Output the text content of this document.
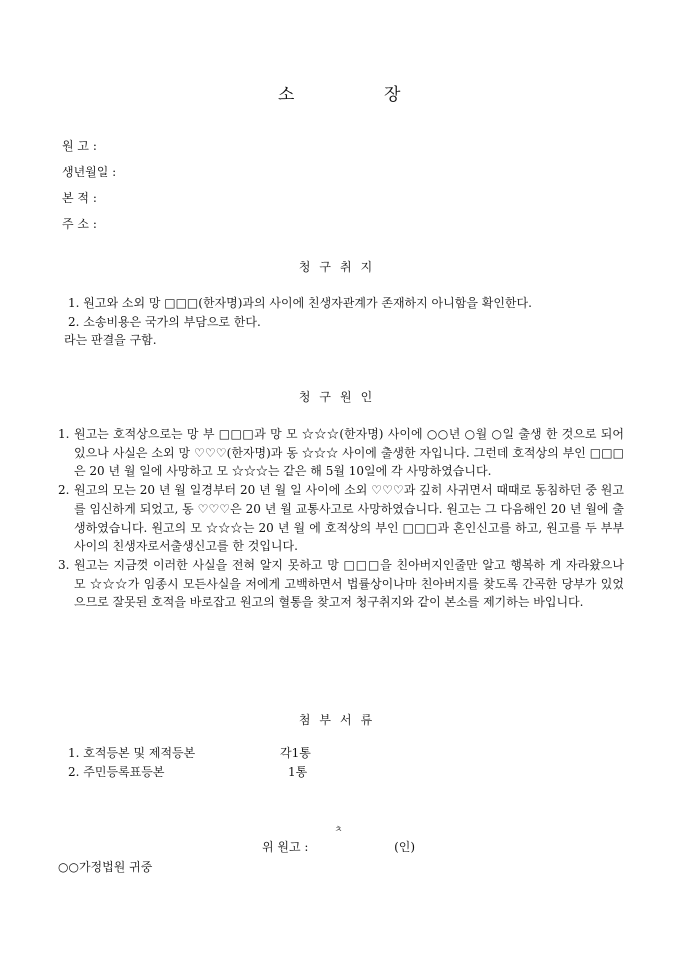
소	장
원 고 :
생년월일 :
본 적 :
주 소 :
청구취지
1. 원고와 소외 망 □□□(한자명)과의 사이에 친생자관계가 존재하지 아니함을 확인한다.
2. 소송비용은 국가의 부담으로 한다.
라는 판결을 구함.
청구원인
1. 원고는 호적상으로는 망 부 □□□과 망 모 ☆☆☆(한자명) 사이에 ○○년 ○월 ○일 출생 한 것으로 되어 있으나 사실은 소외 망 ♡♡♡(한자명)과 동 ☆☆☆ 사이에 출생한 자입니다. 그런데 호적상의 부인 □□□은 20 년 월 일에 사망하고 모 ☆☆☆는 같은 해 5월 10일에 각 사망하였습니다.
2. 원고의 모는 20 년 월 일경부터 20 년 월 일 사이에 소외 ♡♡♡과 깊히 사귀면서 때때로 동침하던 중 원고를 임신하게 되었고, 동 ♡♡♡은 20 년 월 교통사고로 사망하였습니다. 원고는 그 다음해인 20 년 월에 출생하였습니다. 원고의 모 ☆☆☆는 20 년 월 에 호적상의 부인 □□□과 혼인신고를 하고, 원고를 두 부부사이의 친생자로서출생신고를 한 것입니다.
3. 원고는 지금껏 이러한 사실을 전혀 알지 못하고 망 □□□을 친아버지인줄만 알고 행복하 게 자라왔으나 모 ☆☆☆가 임종시 모든사실을 저에게 고백하면서 법률상이나마 친아버지를 찾도록 간곡한 당부가 있었으므로 잘못된 호적을 바로잡고 원고의 혈통을 찾고저 청구취지와 같이 본소를 제기하는 바입니다.
첨부서류
1. 호적등본 및 제적등본	각1통
2. 주민등록표등본	1통
ㅊ
위 원고 :	(인)
○○가정법원 귀중
